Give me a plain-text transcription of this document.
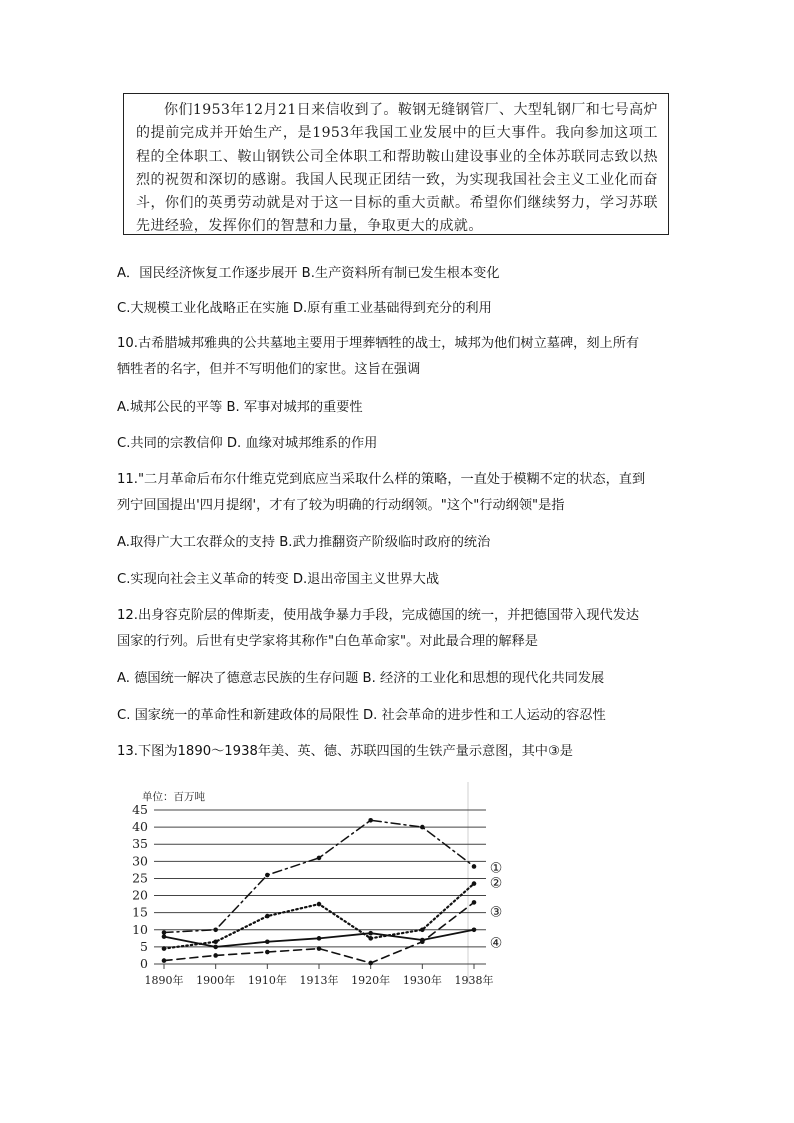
你们1953年12月21日来信收到了。鞍钢无缝钢管厂、大型轧钢厂和七号高炉的提前完成并开始生产，是1953年我国工业发展中的巨大事件。我向参加这项工程的全体职工、鞍山钢铁公司全体职工和帮助鞍山建设事业的全体苏联同志致以热烈的祝贺和深切的感谢。我国人民现正团结一致，为实现我国社会主义工业化而奋斗，你们的英勇劳动就是对于这一目标的重大贡献。希望你们继续努力，学习苏联先进经验，发挥你们的智慧和力量，争取更大的成就。

A．国民经济恢复工作逐步展开 B.生产资料所有制已发生根本变化
C.大规模工业化战略正在实施 D.原有重工业基础得到充分的利用
10.古希腊城邦雅典的公共墓地主要用于埋葬牺牲的战士，城邦为他们树立墓碑，刻上所有
牺牲者的名字，但并不写明他们的家世。这旨在强调
A.城邦公民的平等 B. 军事对城邦的重要性
C.共同的宗教信仰 D. 血缘对城邦维系的作用
11."二月革命后布尔什维克党到底应当采取什么样的策略，一直处于模糊不定的状态，直到
列宁回国提出'四月提纲'，才有了较为明确的行动纲领。"这个"行动纲领"是指
A.取得广大工农群众的支持 B.武力推翻资产阶级临时政府的统治
C.实现向社会主义革命的转变 D.退出帝国主义世界大战
12.出身容克阶层的俾斯麦，使用战争暴力手段，完成德国的统一，并把德国带入现代发达
国家的行列。后世有史学家将其称作"白色革命家"。对此最合理的解释是
A. 德国统一解决了德意志民族的生存问题 B. 经济的工业化和思想的现代化共同发展
C. 国家统一的革命性和新建政体的局限性 D. 社会革命的进步性和工人运动的容忍性
13.下图为1890～1938年美、英、德、苏联四国的生铁产量示意图，其中③是
0
5
10
15
20
25
30
35
40
45
单位：百万吨
1890年 1900年 1910年 1913年 1920年 1930年 1938年
①
②
③
④
